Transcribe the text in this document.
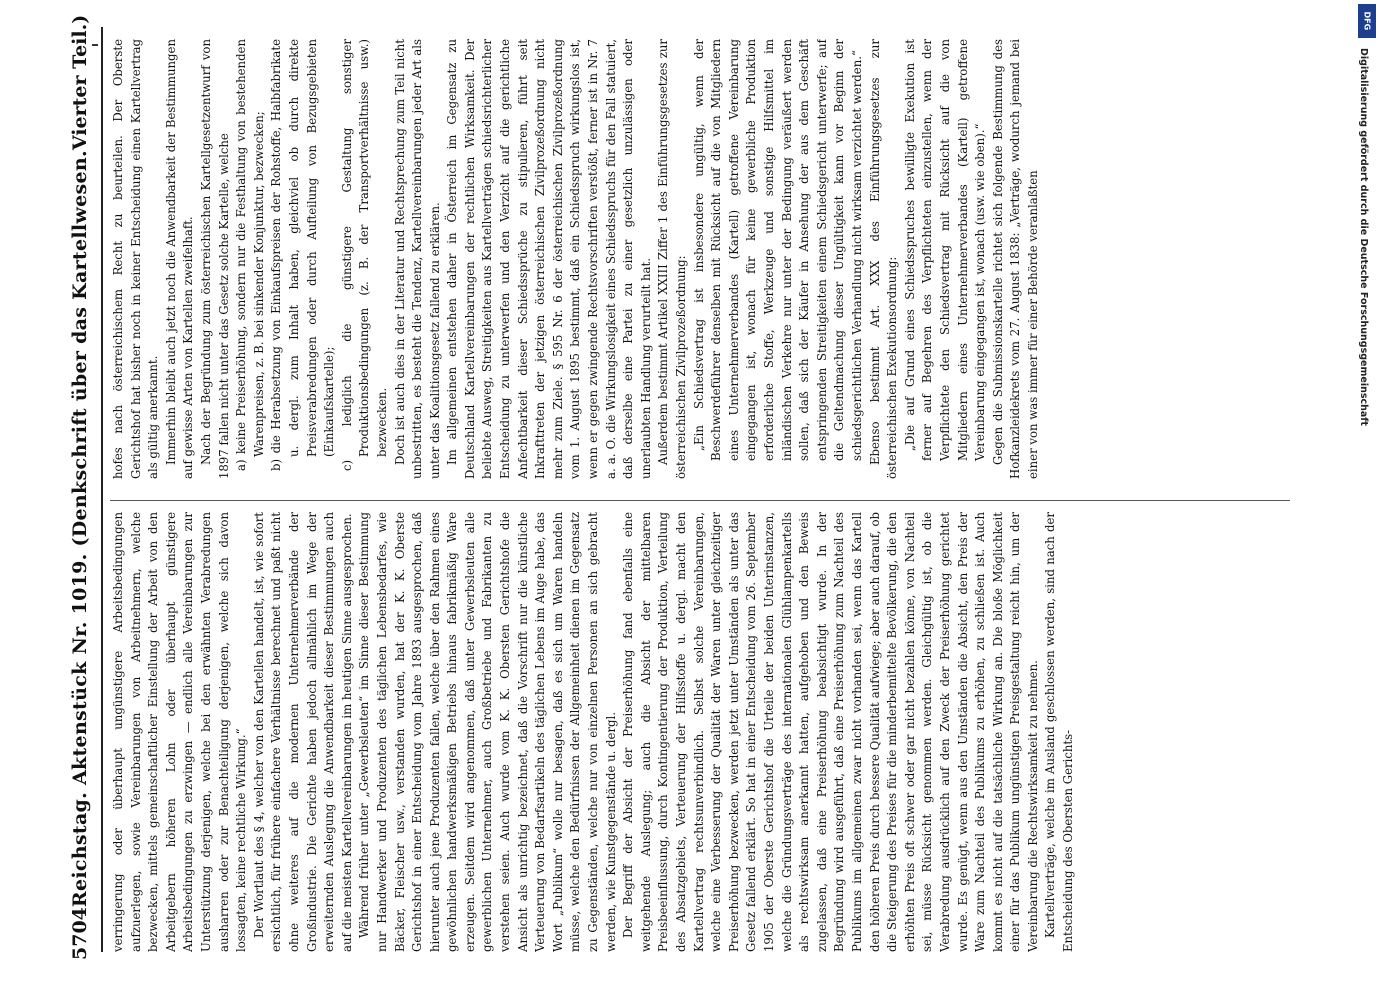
5704
Reichstag. Aktenstück Nr. 1019. (Denkschrift über das Kartellwesen.
Vierter Teil.)

verringerung oder überhaupt ungünstigere Arbeitsbedingungen aufzuerlegen, sowie Vereinbarungen von Arbeitnehmern, welche bezwecken, mittels gemeinschaftlicher Einstellung der Arbeit von den Arbeitgebern höheren Lohn oder überhaupt günstigere Arbeitsbedingungen zu erzwingen — endlich alle Vereinbarungen zur Unterstützung derjenigen, welche bei den erwähnten Verabredungen ausharren oder zur Benachteiligung derjenigen, welche sich davon lossagten, keine rechtliche Wirkung.“ Der Wortlaut des § 4, welcher von den Kartellen handelt, ist, wie sofort ersichtlich, für frühere einfachere Verhältnisse berechnet und paßt nicht ohne weiteres auf die modernen Unternehmerverbände der Großindustrie. Die Gerichte haben jedoch allmählich im Wege der erweiternden Auslegung die Anwendbarkeit dieser Bestimmungen auch auf die meisten Kartellvereinbarungen im heutigen Sinne ausgesprochen. Während früher unter „Gewerbsleuten“ im Sinne dieser Bestimmung nur Handwerker und Produzenten des täglichen Lebensbedarfes, wie Bäcker, Fleischer usw., verstanden wurden, hat der K. K. Oberste Gerichtshof in einer Entscheidung vom Jahre 1893 ausgesprochen, daß hierunter auch jene Produzenten fallen, welche über den Rahmen eines gewöhnlichen handwerksmäßigen Betriebs hinaus fabrikmäßig Ware erzeugen. Seitdem wird angenommen, daß unter Gewerbsleuten alle gewerblichen Unternehmer, auch Großbetriebe und Fabrikanten zu verstehen seien. Auch wurde vom K. K. Obersten Gerichtshofe die Ansicht als unrichtig bezeichnet, daß die Vorschrift nur die künstliche Verteuerung von Bedarfsartikeln des täglichen Lebens im Auge habe, das Wort „Publikum“ wolle nur besagen, daß es sich um Waren handeln müsse, welche den Bedürfnissen der Allgemeinheit dienen im Gegensatz zu Gegenständen, welche nur von einzelnen Personen an sich gebracht werden, wie Kunstgegenstände u. dergl. Der Begriff der Absicht der Preiserhöhung fand ebenfalls eine weitgehende Auslegung; auch die Absicht der mittelbaren Preisbeeinflussung, durch Kontingentierung der Produktion, Verteilung des Absatzgebiets, Verteuerung der Hilfsstoffe u. dergl. macht den Kartellvertrag rechtsunverbindlich. Selbst solche Vereinbarungen, welche eine Verbesserung der Qualität der Waren unter gleichzeitiger Preiserhöhung bezwecken, werden jetzt unter Umständen als unter das Gesetz fallend erklärt. So hat in einer Entscheidung vom 26. September 1905 der Oberste Gerichtshof die Urteile der beiden Unterinstanzen, welche die Gründungsverträge des internationalen Glühlampenkartells als rechtswirksam anerkannt hatten, aufgehoben und den Beweis zugelassen, daß eine Preiserhöhung beabsichtigt wurde. In der Begründung wird ausgeführt, daß eine Preiserhöhung zum Nachteil des Publikums im allgemeinen zwar nicht vorhanden sei, wenn das Kartell den höheren Preis durch bessere Qualität aufwiege; aber auch darauf, ob die Steigerung des Preises für die minderbemittelte Bevölkerung, die den erhöhten Preis oft schwer oder gar nicht bezahlen könne, von Nachteil sei, müsse Rücksicht genommen werden. Gleichgültig ist, ob die Verabredung ausdrücklich auf den Zweck der Preiserhöhung gerichtet wurde. Es genügt, wenn aus den Umständen die Absicht, den Preis der Ware zum Nachteil des Publikums zu erhöhen, zu schließen ist. Auch kommt es nicht auf die tatsächliche Wirkung an. Die bloße Möglichkeit einer für das Publikum ungünstigen Preisgestaltung reicht hin, um der Vereinbarung die Rechtswirksamkeit zu nehmen. Kartellverträge, welche im Ausland geschlossen werden, sind nach der Entscheidung des Obersten Gerichts-

hofes nach österreichischem Recht zu beurteilen. Der Oberste Gerichtshof hat bisher noch in keiner Entscheidung einen Kartellvertrag als gültig anerkannt. Immerhin bleibt auch jetzt noch die Anwendbarkeit der Bestimmungen auf gewisse Arten von Kartellen zweifelhaft. Nach der Begründung zum österreichischen Kartellgesetzentwurf von 1897 fallen nicht unter das Gesetz solche Kartelle, welche a) keine Preiserhöhung, sondern nur die Festhaltung von bestehenden Warenpreisen, z. B. bei sinkender Konjunktur, bezwecken; b) die Herabsetzung von Einkaufspreisen der Rohstoffe, Halbfabrikate u. dergl. zum Inhalt haben, gleichviel ob durch direkte Preisverabredungen oder durch Aufteilung von Bezugsgebieten (Einkaufskartelle); c) lediglich die günstigere Gestaltung sonstiger Produktionsbedingungen (z. B. der Transportverhältnisse usw.) bezwecken. Doch ist auch dies in der Literatur und Rechtsprechung zum Teil nicht unbestritten, es besteht die Tendenz, Kartellvereinbarungen jeder Art als unter das Koalitionsgesetz fallend zu erklären. Im allgemeinen entstehen daher in Österreich im Gegensatz zu Deutschland Kartellvereinbarungen der rechtlichen Wirksamkeit. Der beliebte Ausweg, Streitigkeiten aus Kartellverträgen schiedsrichterlicher Entscheidung zu unterwerfen und den Verzicht auf die gerichtliche Anfechtbarkeit dieser Schiedssprüche zu stipulieren, führt seit Inkrafttreten der jetzigen österreichischen Zivilprozeßordnung nicht mehr zum Ziele. § 595 Nr. 6 der österreichischen Zivilprozeßordnung vom 1. August 1895 bestimmt, daß ein Schiedsspruch wirkungslos ist, wenn er gegen zwingende Rechtsvorschriften verstößt, ferner ist in Nr. 7 a. a. O. die Wirkungslosigkeit eines Schiedsspruchs für den Fall statuiert, daß derselbe eine Partei zu einer gesetzlich unzulässigen oder unerlaubten Handlung verurteilt hat. Außerdem bestimmt Artikel XXIII Ziffer 1 des Einführungsgesetzes zur österreichischen Zivilprozeßordnung: „Ein Schiedsvertrag ist insbesondere ungültig, wenn der Beschwerdeführer denselben mit Rücksicht auf die von Mitgliedern eines Unternehmerverbandes (Kartell) getroffene Vereinbarung eingegangen ist, wonach für keine gewerbliche Produktion erforderliche Stoffe, Werkzeuge und sonstige Hilfsmittel im inländischen Verkehre nur unter der Bedingung veräußert werden sollen, daß sich der Käufer in Ansehung der aus dem Geschäft entspringenden Streitigkeiten einem Schiedsgericht unterwerfe; auf die Geltendmachung dieser Ungültigkeit kann vor Beginn der schiedsgerichtlichen Verhandlung nicht wirksam verzichtet werden.“ Ebenso bestimmt Art. XXX des Einführungsgesetzes zur österreichischen Exekutionsordnung: „Die auf Grund eines Schiedsspruches bewilligte Exekution ist ferner auf Begehren des Verpflichteten einzustellen, wenn der Verpflichtete den Schiedsvertrag mit Rücksicht auf die von Mitgliedern eines Unternehmerverbandes (Kartell) getroffene Vereinbarung eingegangen ist, wonach (usw. wie oben).“ Gegen die Submissionskartelle richtet sich folgende Bestimmung des Hofkanzleidekrets vom 27. August 1838: „Verträge, wodurch jemand bei einer von was immer für einer Behörde veranlaßten

DFG
Digitalisierung gefördert durch die Deutsche Forschungsgemeinschaft
